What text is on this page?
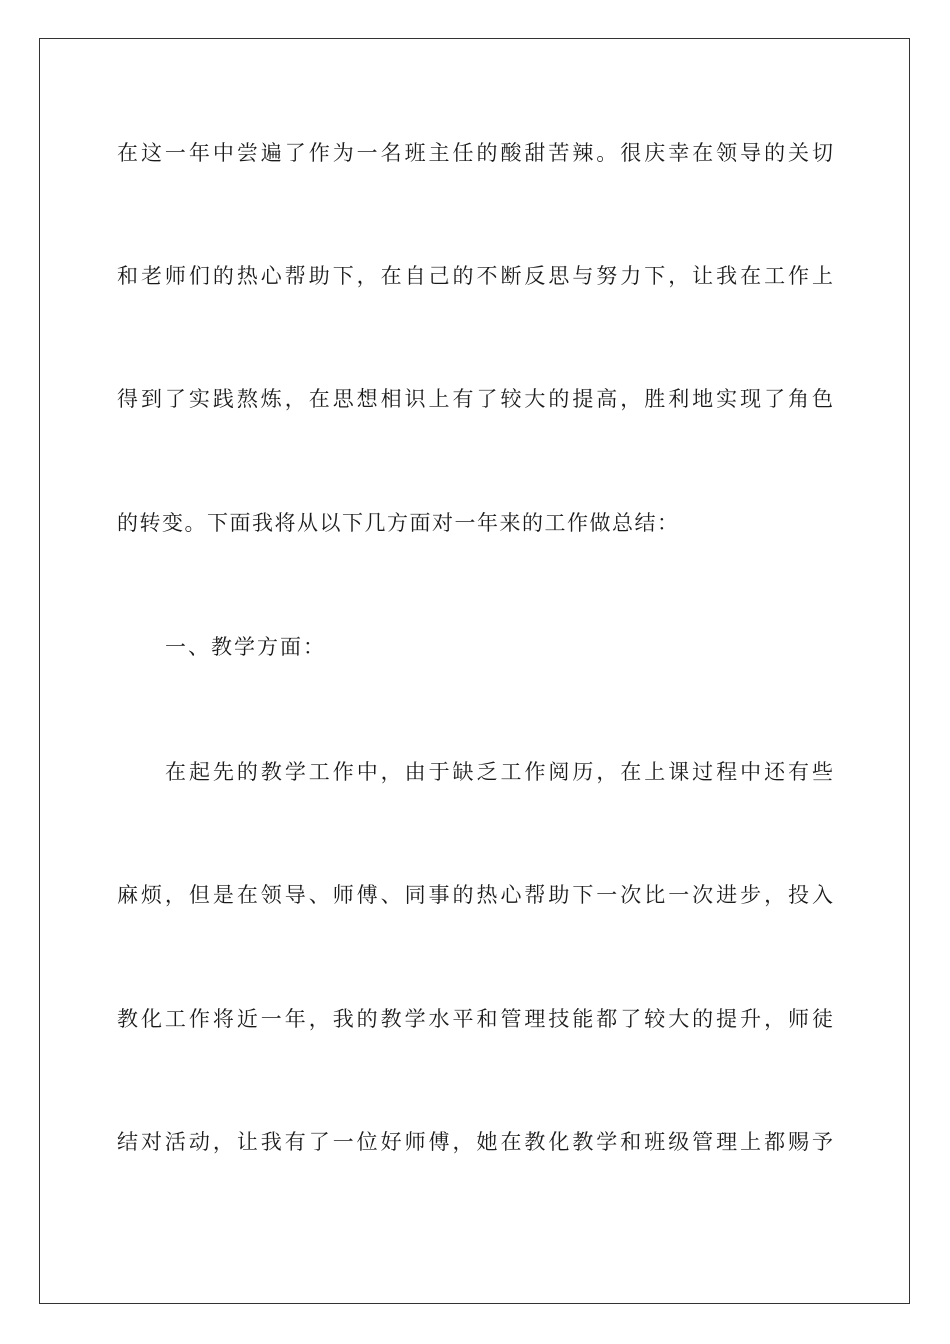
在这一年中尝遍了作为一名班主任的酸甜苦辣。很庆幸在领导的关切
和老师们的热心帮助下，在自己的不断反思与努力下，让我在工作上
得到了实践熬炼，在思想相识上有了较大的提高，胜利地实现了角色
的转变。下面我将从以下几方面对一年来的工作做总结：
一、教学方面：
在起先的教学工作中，由于缺乏工作阅历，在上课过程中还有些
麻烦，但是在领导、师傅、同事的热心帮助下一次比一次进步，投入
教化工作将近一年，我的教学水平和管理技能都了较大的提升，师徒
结对活动，让我有了一位好师傅，她在教化教学和班级管理上都赐予
